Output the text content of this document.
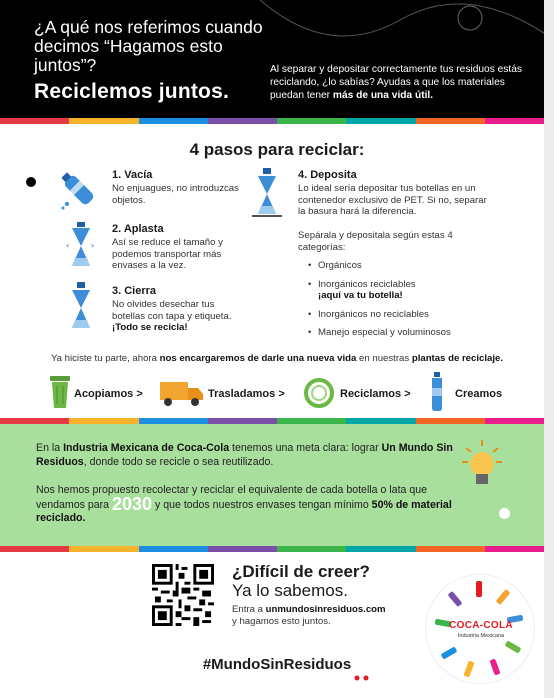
¿A qué nos referimos cuando decimos “Hagamos esto juntos”?
Reciclemos juntos.
Al separar y depositar correctamente tus residuos estás reciclando, ¿lo sabías? Ayudas a que los materiales puedan tener más de una vida útil.
4 pasos para reciclar:
1. Vacía
No enjuagues, no introduzcas objetos.
›
‹
2. Aplasta
Así se reduce el tamaño y podemos transportar más envases a la vez.
3. Cierra
No olvides desechar tus botellas con tapa y etiqueta. ¡Todo se recicla!
4. Deposita
Lo ideal sería depositar tus botellas en un contenedor exclusivo de PET. Si no, separar la basura hará la diferencia.
Sepárala y depositala según estas 4 categorías:
• Orgánicos
• Inorgánicos reciclables
¡aquí va tu botella!
• Inorgánicos no reciclables
• Manejo especial y voluminosos
Ya hiciste tu parte, ahora nos encargaremos de darle una nueva vida en nuestras plantas de reciclaje.
Acopiamos >	Trasladamos >	Reciclamos >	Creamos

En la Industria Mexicana de Coca-Cola tenemos una meta clara: lograr Un Mundo Sin Residuos, donde todo se recicle o sea reutilizado.

Nos hemos propuesto recolectar y reciclar el equivalente de cada botella o lata que vendamos para 2030 y que todos nuestros envases tengan mínimo 50% de material reciclado.

¿Difícil de creer?
Ya lo sabemos.
Entra a unmundosinresiduos.com
y hagamos esto juntos.
#MundoSinResiduos
COCA-COLA
Industria Mexicana
